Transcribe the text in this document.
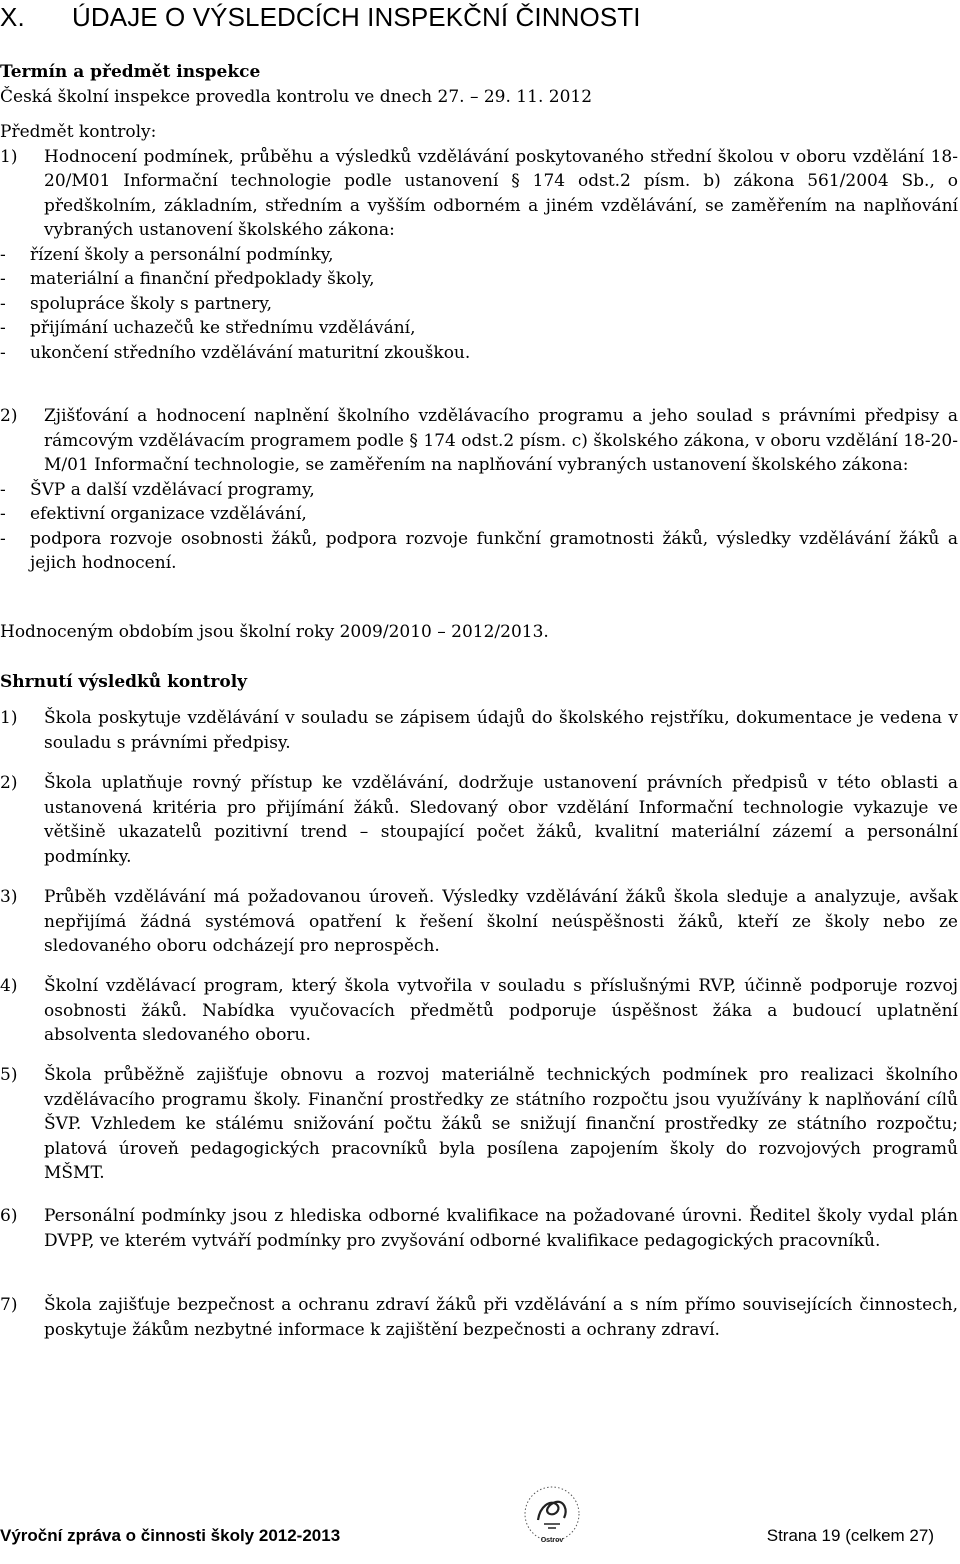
X. ÚDAJE O VÝSLEDCÍCH INSPEKČNÍ ČINNOSTI

Termín a předmět inspekce

Česká školní inspekce provedla kontrolu ve dnech 27. – 29. 11. 2012

Předmět kontroly:

1)	Hodnocení podmínek, průběhu a výsledků vzdělávání poskytovaného střední školou v oboru vzdělání 18-20/M01 Informační technologie podle ustanovení § 174 odst.2 písm. b) zákona 561/2004 Sb., o předškolním, základním, středním a vyšším odborném a jiném vzdělávání, se zaměřením na naplňování vybraných ustanovení školského zákona:

-	řízení školy a personální podmínky,
-	materiální a finanční předpoklady školy,
-	spolupráce školy s partnery,
-	přijímání uchazečů ke střednímu vzdělávání,
-	ukončení středního vzdělávání maturitní zkouškou.
2)	Zjišťování a hodnocení naplnění školního vzdělávacího programu a jeho soulad s právními předpisy a rámcovým vzdělávacím programem podle § 174 odst.2 písm. c) školského zákona, v oboru vzdělání 18-20-M/01 Informační technologie, se zaměřením na naplňování vybraných ustanovení školského zákona:

-	ŠVP a další vzdělávací programy,
-	efektivní organizace vzdělávání,
-	podpora rozvoje osobnosti žáků, podpora rozvoje funkční gramotnosti žáků, výsledky vzdělávání žáků a jejich hodnocení.

Hodnoceným obdobím jsou školní roky 2009/2010 – 2012/2013.

Shrnutí výsledků kontroly

1)	Škola poskytuje vzdělávání v souladu se zápisem údajů do školského rejstříku, dokumentace je vedena v souladu s právními předpisy.

2)	Škola uplatňuje rovný přístup ke vzdělávání, dodržuje ustanovení právních předpisů v této oblasti a ustanovená kritéria pro přijímání žáků. Sledovaný obor vzdělání Informační technologie vykazuje ve většině ukazatelů pozitivní trend – stoupající počet žáků, kvalitní materiální zázemí a personální podmínky.

3)	Průběh vzdělávání má požadovanou úroveň. Výsledky vzdělávání žáků škola sleduje a analyzuje, avšak nepřijímá žádná systémová opatření k řešení školní neúspěšnosti žáků, kteří ze školy nebo ze sledovaného oboru odcházejí pro neprospěch.

4)	Školní vzdělávací program, který škola vytvořila v souladu s příslušnými RVP, účinně podporuje rozvoj osobnosti žáků. Nabídka vyučovacích předmětů podporuje úspěšnost žáka a budoucí uplatnění absolventa sledovaného oboru.

5)	Škola průběžně zajišťuje obnovu a rozvoj materiálně technických podmínek pro realizaci školního vzdělávacího programu školy. Finanční prostředky ze státního rozpočtu jsou využívány k naplňování cílů ŠVP. Vzhledem ke stálému snižování počtu žáků se snižují finanční prostředky ze státního rozpočtu; platová úroveň pedagogických pracovníků byla posílena zapojením školy do rozvojových programů MŠMT.

6)	Personální podmínky jsou z hlediska odborné kvalifikace na požadované úrovni. Ředitel školy vydal plán DVPP, ve kterém vytváří podmínky pro zvyšování odborné kvalifikace pedagogických pracovníků.

7)	Škola zajišťuje bezpečnost a ochranu zdraví žáků při vzdělávání a s ním přímo souvisejících činnostech, poskytuje žákům nezbytné informace k zajištění bezpečnosti a ochrany zdraví.

Výroční zpráva o činnosti školy 2012-2013	Ostrov	Strana 19 (celkem 27)
